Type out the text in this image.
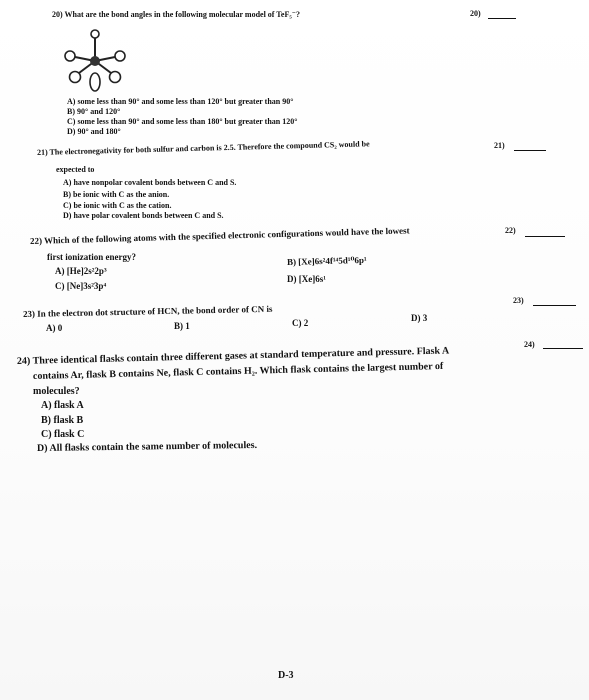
20) What are the bond angles in the following molecular model of TeF₅⁻?	20)
A) some less than 90° and some less than 120° but greater than 90°
B) 90° and 120°
C) some less than 90° and some less than 180° but greater than 120°
D) 90° and 180°
21) The electronegativity for both sulfur and carbon is 2.5. Therefore the compound CS₂ would be	21)
expected to
A) have nonpolar covalent bonds between C and S.
B) be ionic with C as the anion.
C) be ionic with C as the cation.
D) have polar covalent bonds between C and S.
22) Which of the following atoms with the specified electronic configurations would have the lowest	22)
first ionization energy?
A) [He]2s²2p³
B) [Xe]6s²4f¹⁴5d¹⁰6p¹
C) [Ne]3s²3p⁴
D) [Xe]6s¹
23) In the electron dot structure of HCN, the bond order of CN is
23)
A) 0	B) 1	C) 2	D) 3
24) Three identical flasks contain three different gases at standard temperature and pressure. Flask A
24)
contains Ar, flask B contains Ne, flask C contains H₂. Which flask contains the largest number of
molecules?
A) flask A
B) flask B
C) flask C
D) All flasks contain the same number of molecules.
D-3
